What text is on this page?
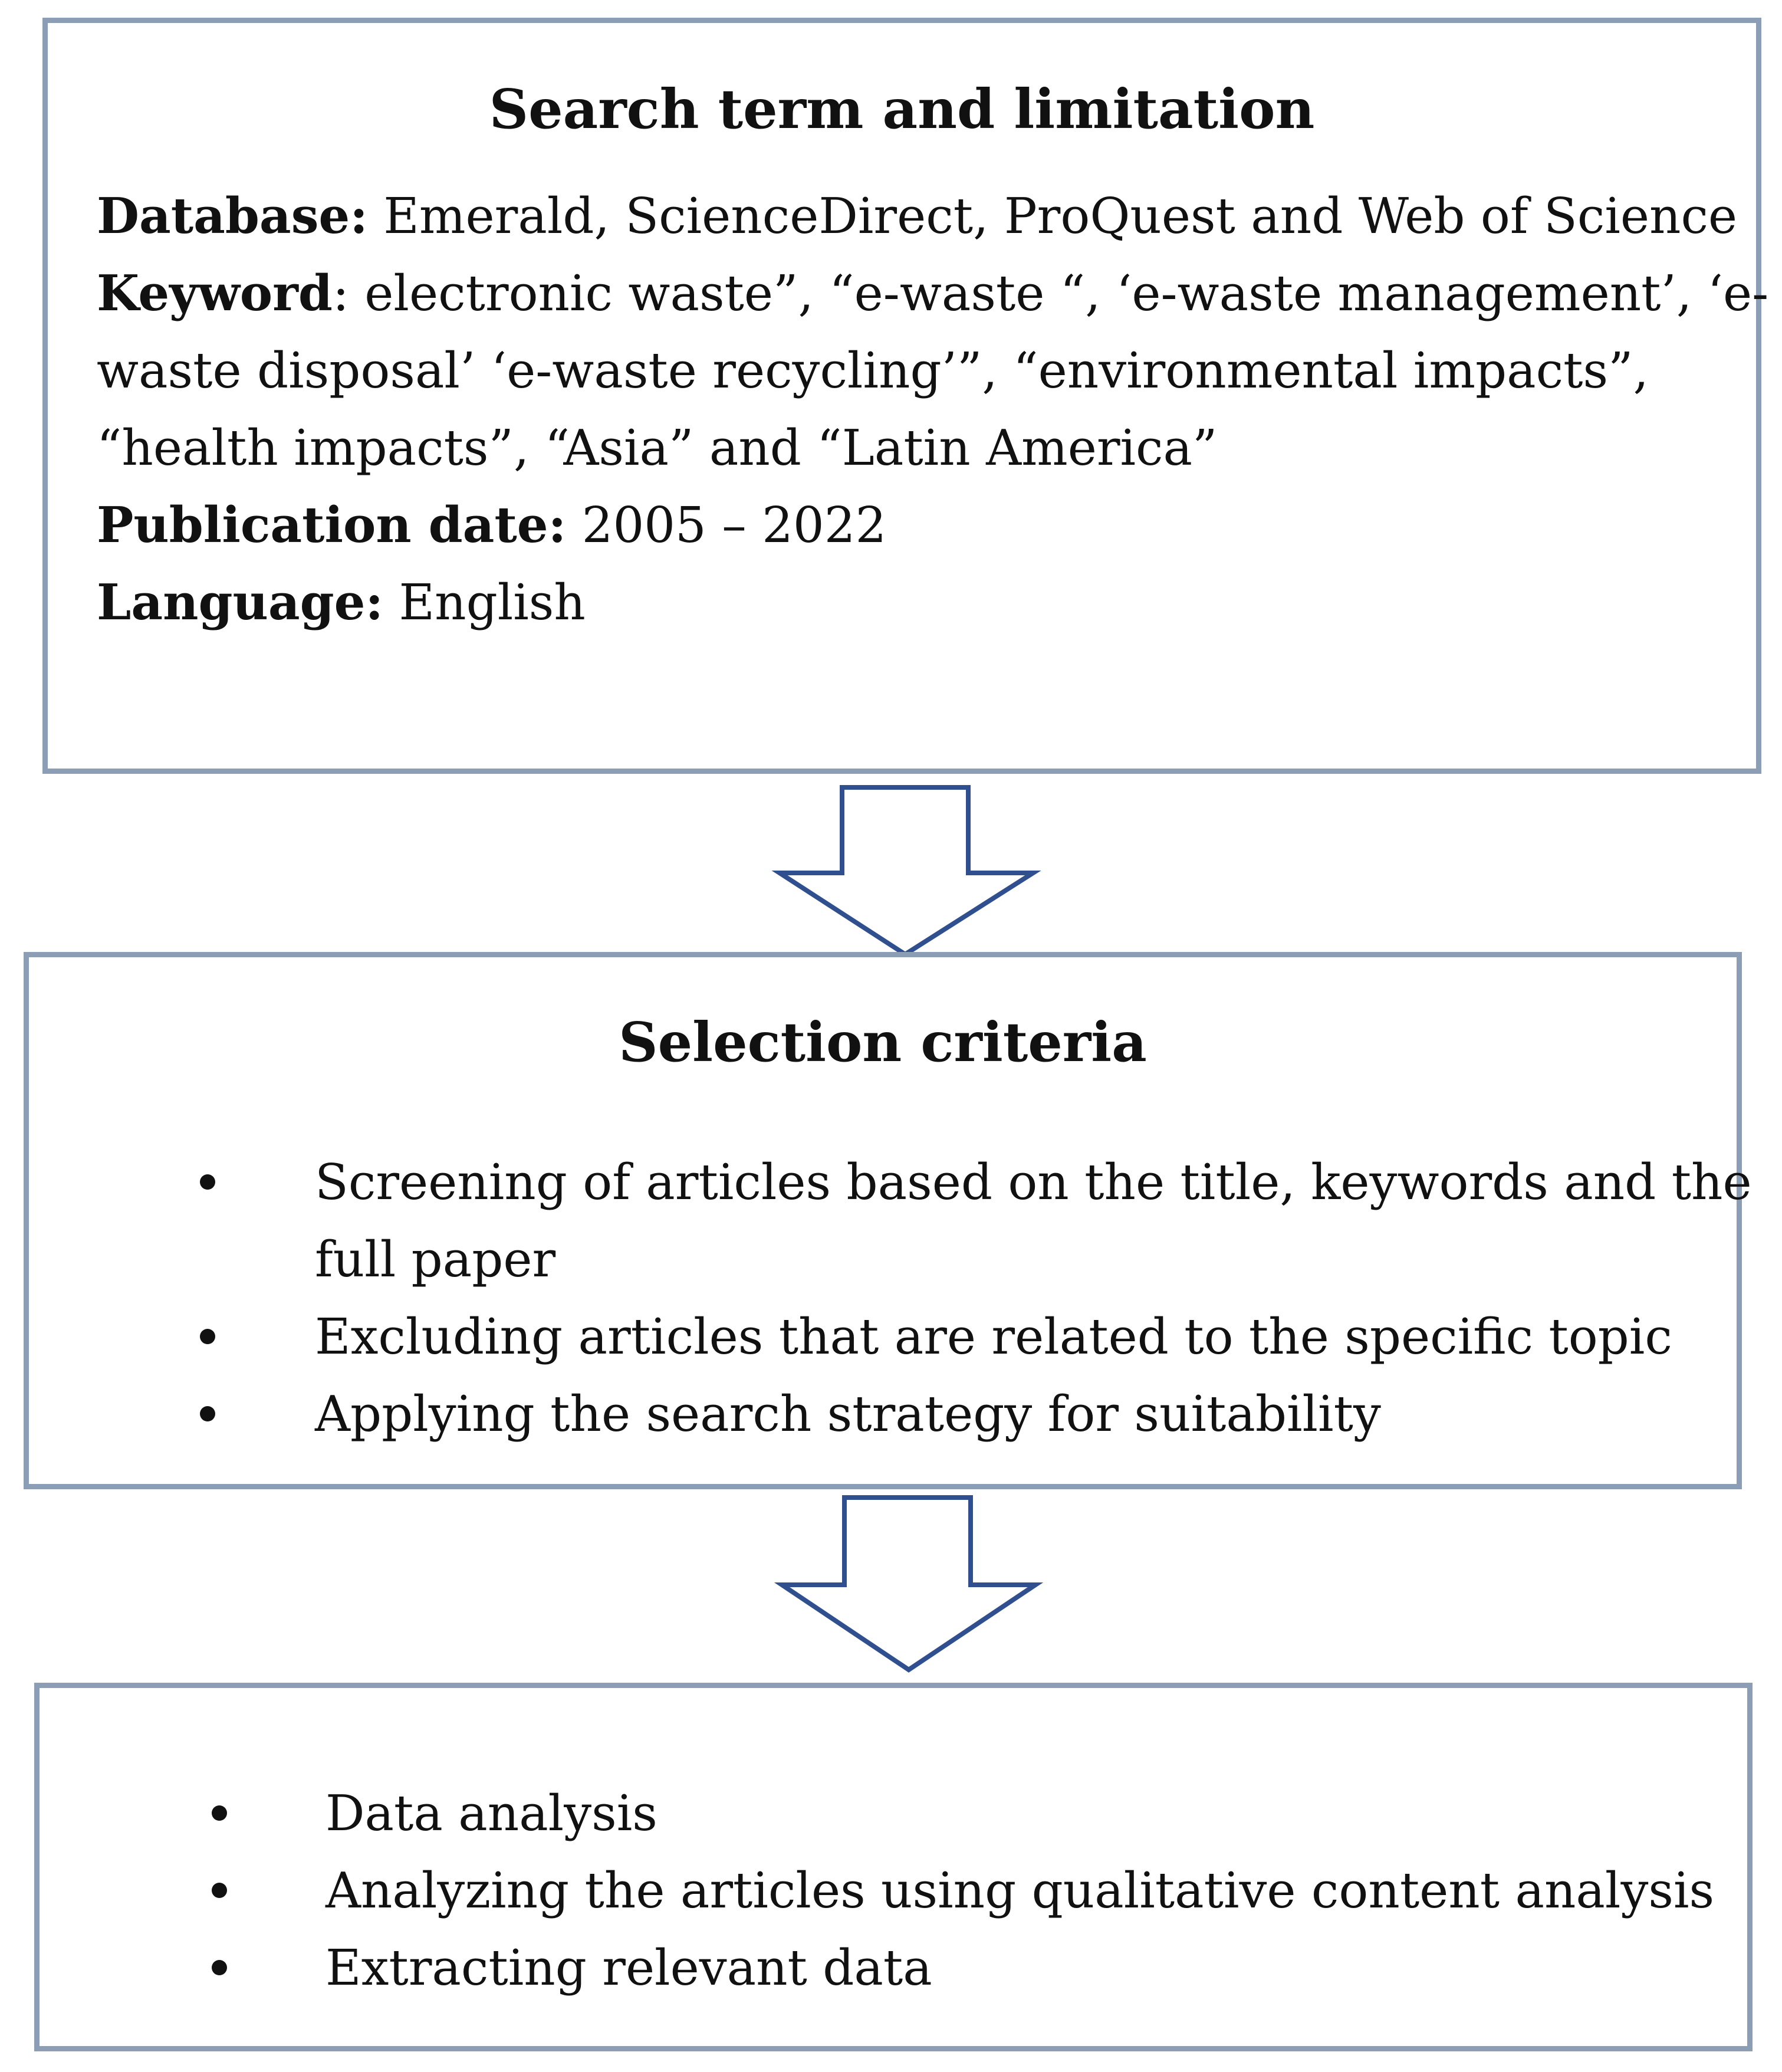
Search term and limitation
Database: Emerald, ScienceDirect, ProQuest and Web of Science
Keyword: electronic waste”, “e-waste “, ‘e-waste management’, ‘e-
waste disposal’ ‘e-waste recycling’”, “environmental impacts”,
“health impacts”, “Asia” and “Latin America”
Publication date: 2005 – 2022
Language: English
Selection criteria
Screening of articles based on the title, keywords and the
full paper
Excluding articles that are related to the specific topic
Applying the search strategy for suitability
Data analysis
Analyzing the articles using qualitative content analysis
Extracting relevant data
